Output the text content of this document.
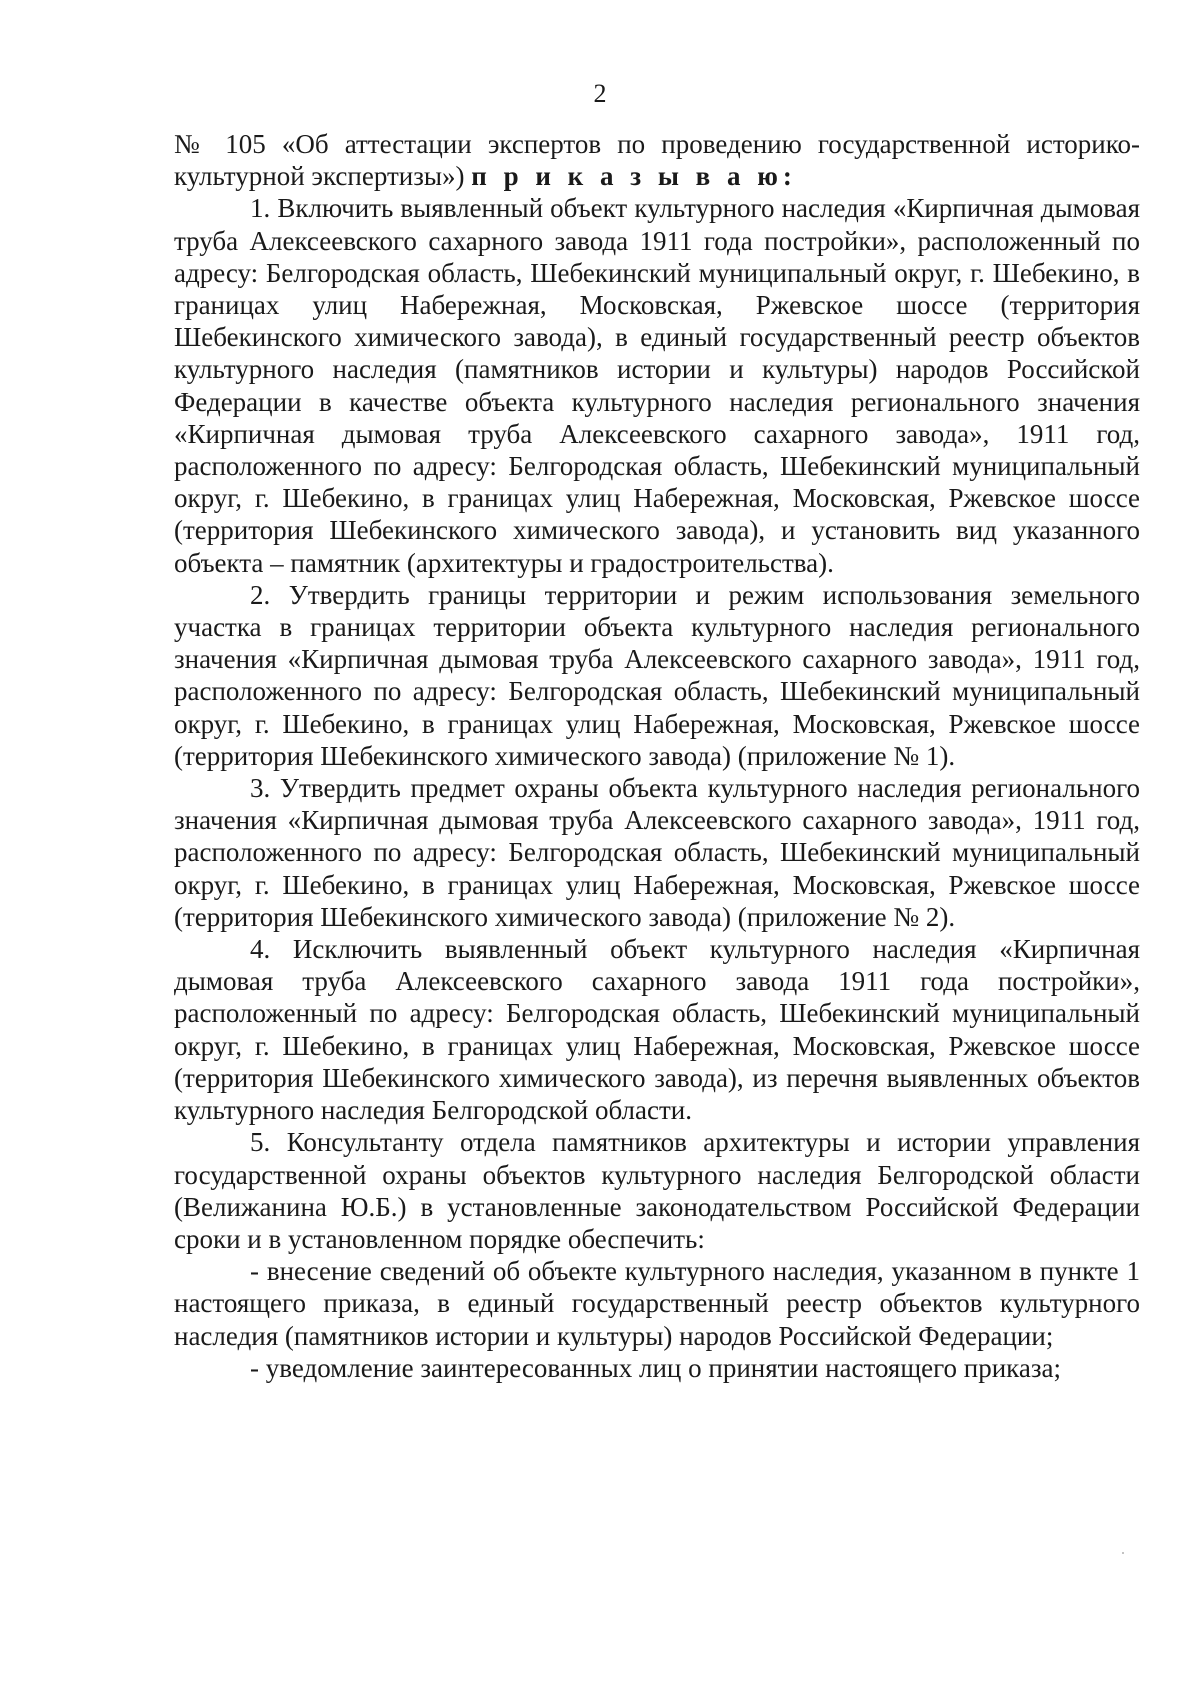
2

№ 105 «Об аттестации экспертов по проведению государственной историко-культурной экспертизы») п р и к а з ы в а ю:

1. Включить выявленный объект культурного наследия «Кирпичная дымовая труба Алексеевского сахарного завода 1911 года постройки», расположенный по адресу: Белгородская область, Шебекинский муниципальный округ, г. Шебекино, в границах улиц Набережная, Московская, Ржевское шоссе (территория Шебекинского химического завода), в единый государственный реестр объектов культурного наследия (памятников истории и культуры) народов Российской Федерации в качестве объекта культурного наследия регионального значения «Кирпичная дымовая труба Алексеевского сахарного завода», 1911 год, расположенного по адресу: Белгородская область, Шебекинский муниципальный округ, г. Шебекино, в границах улиц Набережная, Московская, Ржевское шоссе (территория Шебекинского химического завода), и установить вид указанного объекта – памятник (архитектуры и градостроительства).

2. Утвердить границы территории и режим использования земельного участка в границах территории объекта культурного наследия регионального значения «Кирпичная дымовая труба Алексеевского сахарного завода», 1911 год, расположенного по адресу: Белгородская область, Шебекинский муниципальный округ, г. Шебекино, в границах улиц Набережная, Московская, Ржевское шоссе (территория Шебекинского химического завода) (приложение № 1).

3. Утвердить предмет охраны объекта культурного наследия регионального значения «Кирпичная дымовая труба Алексеевского сахарного завода», 1911 год, расположенного по адресу: Белгородская область, Шебекинский муниципальный округ, г. Шебекино, в границах улиц Набережная, Московская, Ржевское шоссе (территория Шебекинского химического завода) (приложение № 2).

4. Исключить выявленный объект культурного наследия «Кирпичная дымовая труба Алексеевского сахарного завода 1911 года постройки», расположенный по адресу: Белгородская область, Шебекинский муниципальный округ, г. Шебекино, в границах улиц Набережная, Московская, Ржевское шоссе (территория Шебекинского химического завода), из перечня выявленных объектов культурного наследия Белгородской области.

5. Консультанту отдела памятников архитектуры и истории управления государственной охраны объектов культурного наследия Белгородской области (Велижанина Ю.Б.) в установленные законодательством Российской Федерации сроки и в установленном порядке обеспечить:

- внесение сведений об объекте культурного наследия, указанном в пункте 1 настоящего приказа, в единый государственный реестр объектов культурного наследия (памятников истории и культуры) народов Российской Федерации;

- уведомление заинтересованных лиц о принятии настоящего приказа;
